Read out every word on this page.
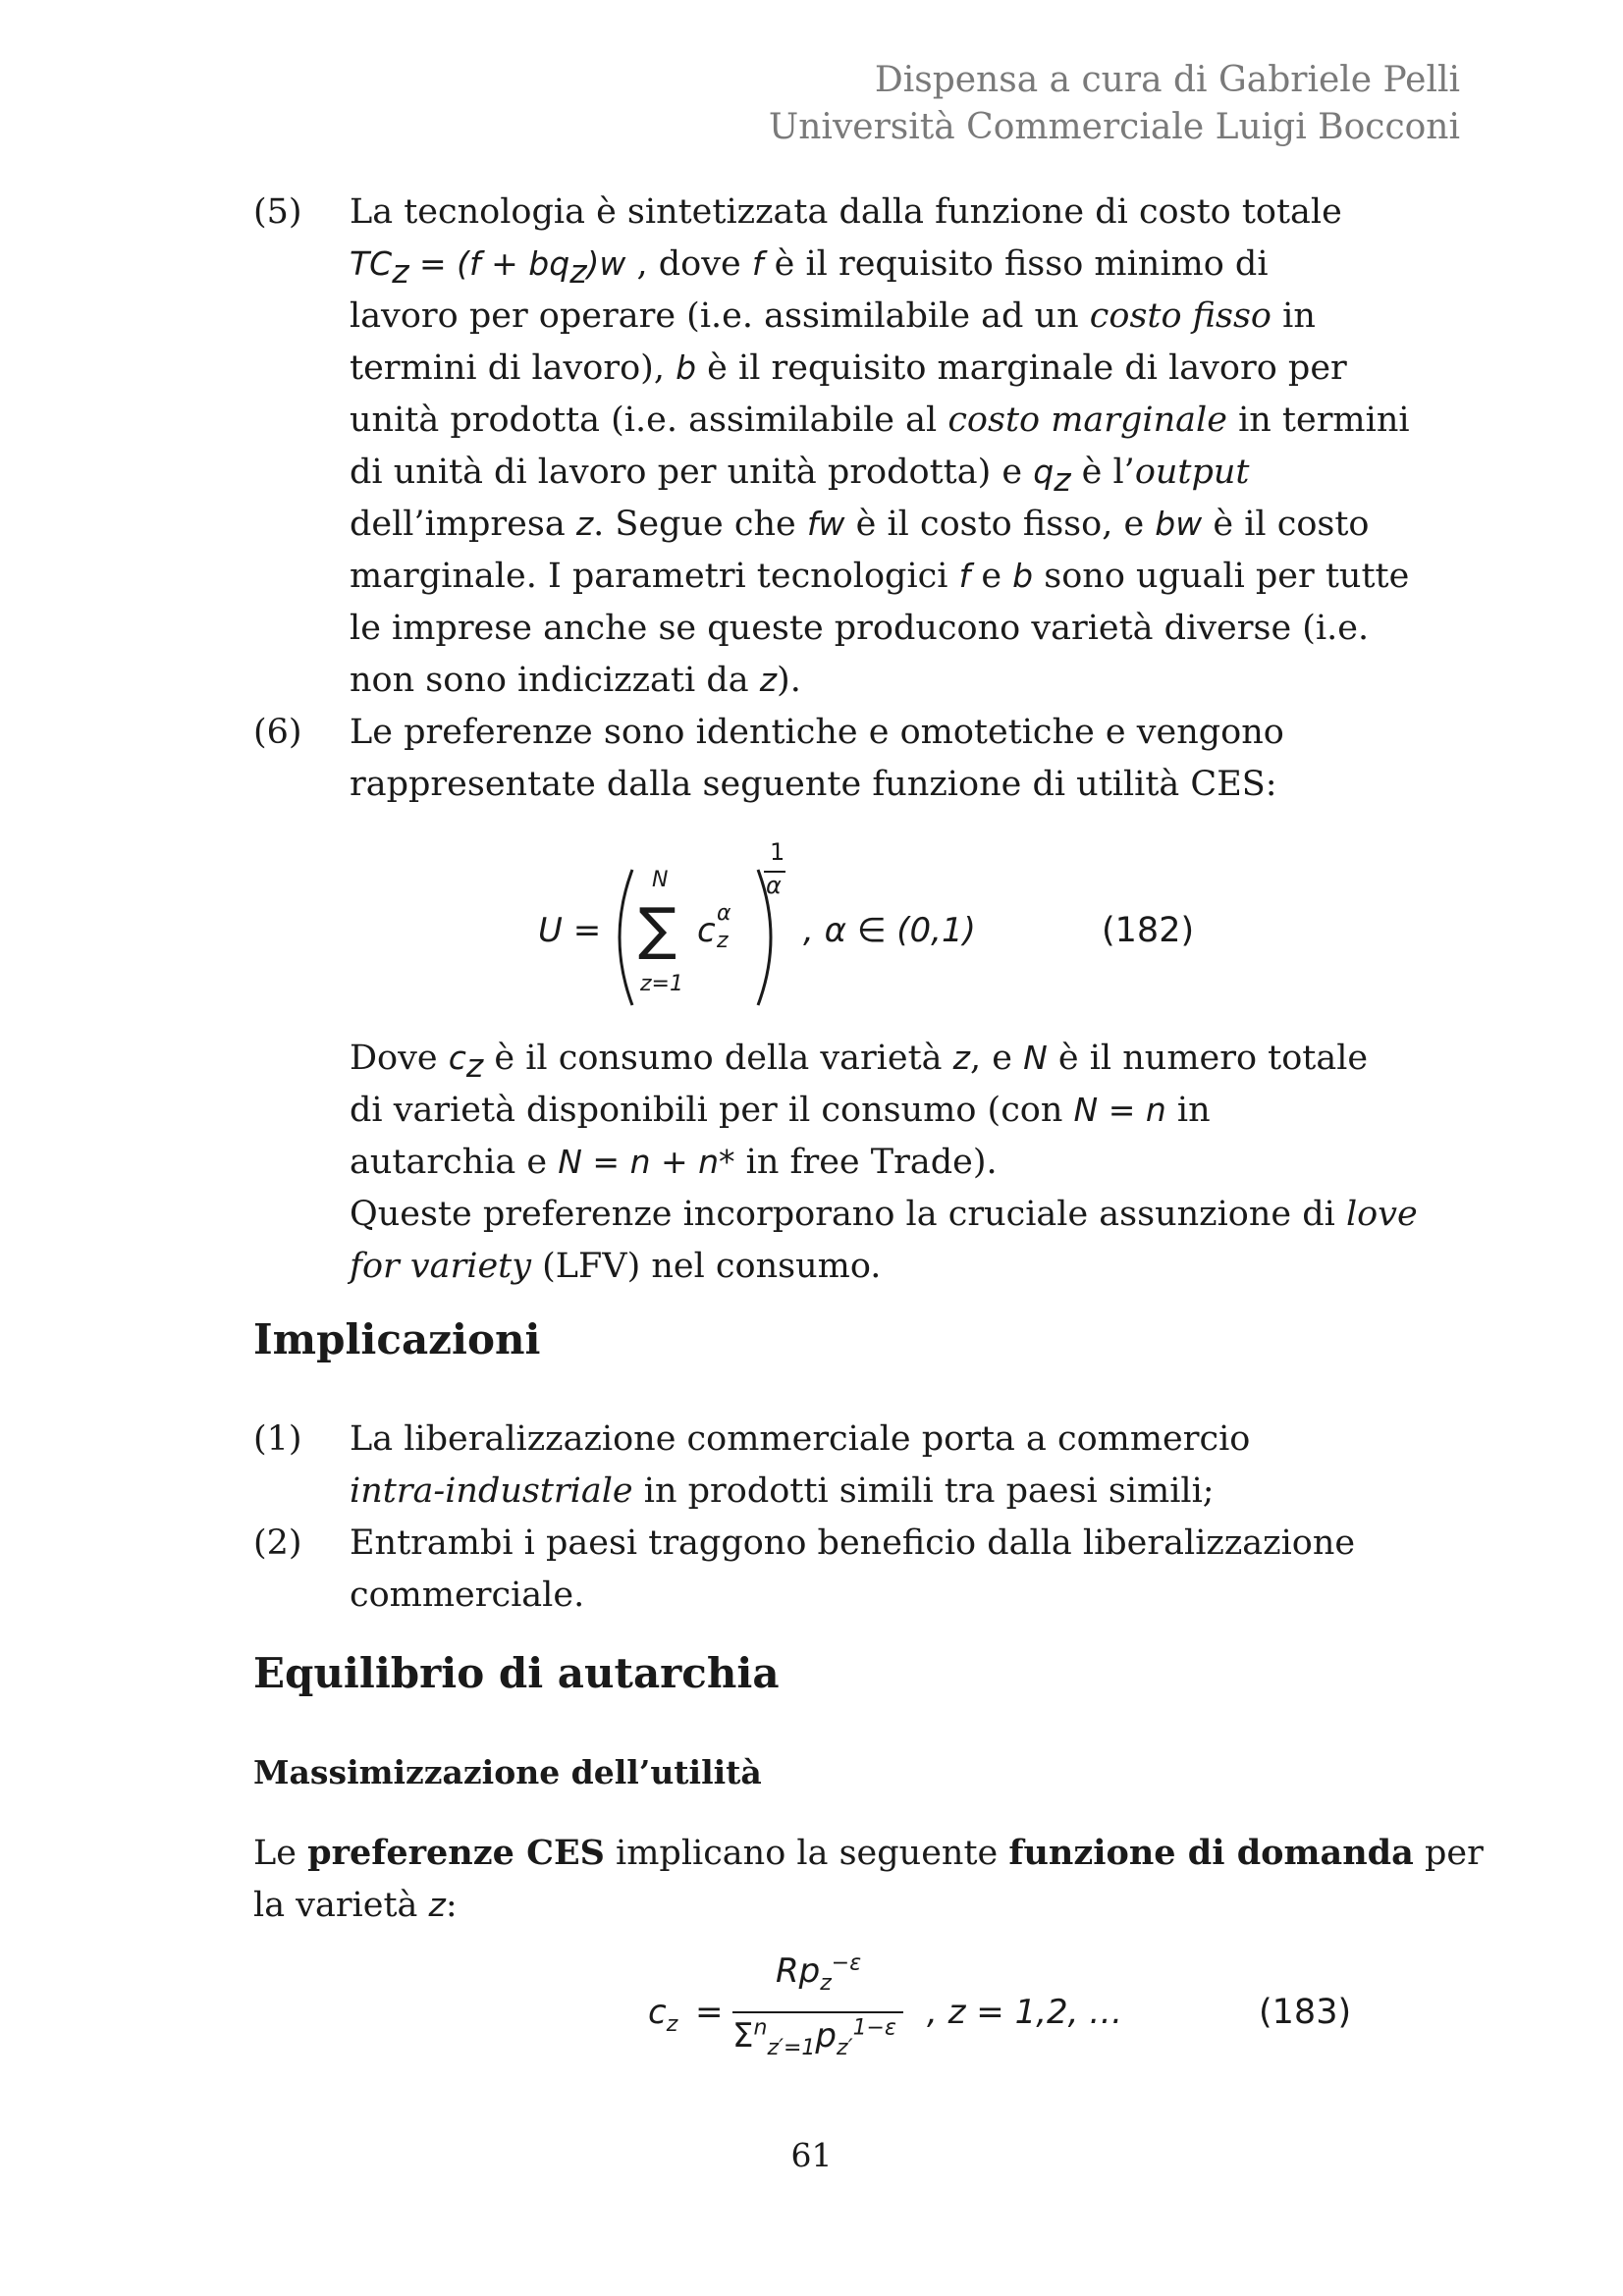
Dispensa a cura di Gabriele Pelli
Università Commerciale Luigi Bocconi
(5) La tecnologia è sintetizzata dalla funzione di costo totale
$TC_z = (f + bq_z)w$ , dove f è il requisito fisso minimo di
lavoro per operare (i.e. assimilabile ad un costo fisso in
termini di lavoro), b è il requisito marginale di lavoro per
unità prodotta (i.e. assimilabile al costo marginale in termini
di unità di lavoro per unità prodotta) e $q_z$ è l’output
dell’impresa z. Segue che fw è il costo fisso, e bw è il costo
marginale. I parametri tecnologici f e b sono uguali per tutte
le imprese anche se queste producono varietà diverse (i.e.
non sono indicizzati da z).
(6) Le preferenze sono identiche e omotetiche e vengono
rappresentate dalla seguente funzione di utilità CES:
U = ∑
N
z=1
c α
z
1
α
, α ∈ (0,1)	(182)
Dove $c_z$ è il consumo della varietà z, e N è il numero totale
di varietà disponibili per il consumo (con N = n in
autarchia e N = n + n* in free Trade).
Queste preferenze incorporano la cruciale assunzione di love
for variety (LFV) nel consumo.
Implicazioni
(1) La liberalizzazione commerciale porta a commercio
intra-industriale in prodotti simili tra paesi simili;
(2) Entrambi i paesi traggono beneficio dalla liberalizzazione
commerciale.
Equilibrio di autarchia
Massimizzazione dell’utilità
Le preferenze CES implicano la seguente funzione di domanda per
la varietà z:
$c_z$ =
$Rp_z^{-\varepsilon}$
$\Sigma^n_{z'=1}p_{z'}^{1-\varepsilon}$ , z = 1,2, …	(183)
61
